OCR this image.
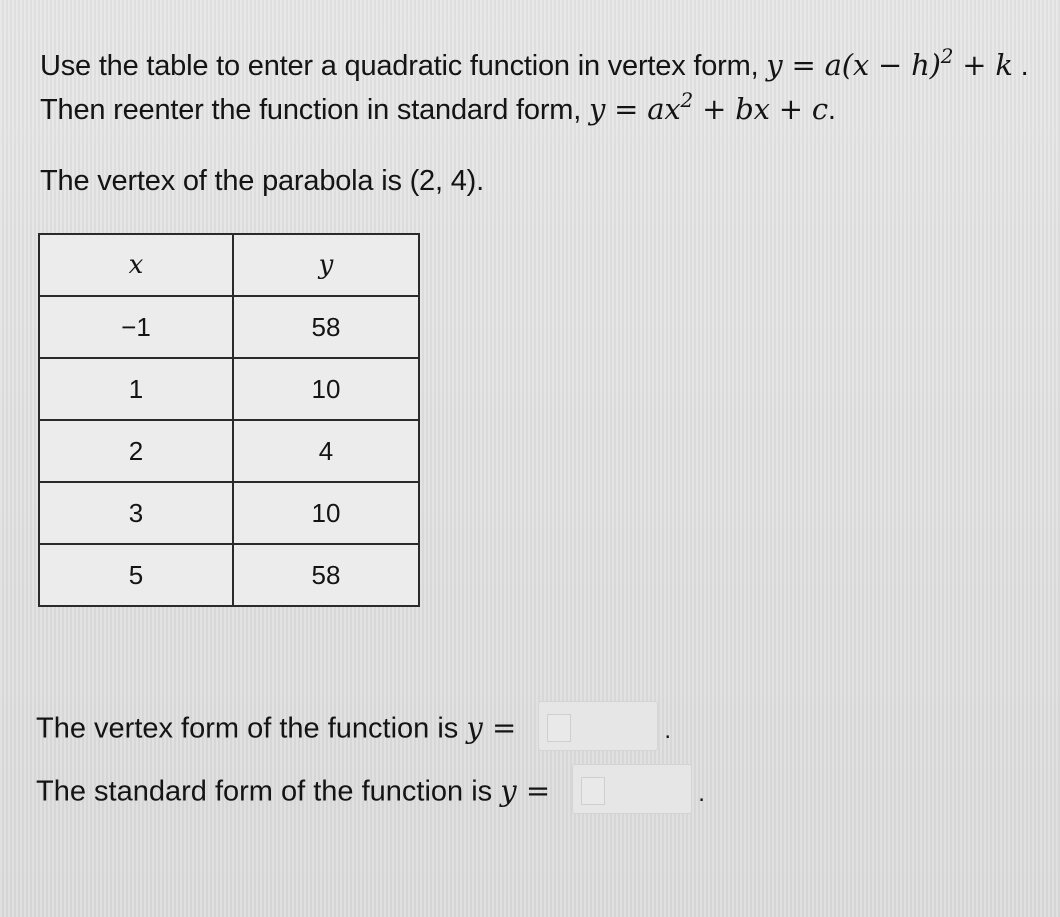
Use the table to enter a quadratic function in vertex form, $y = a(x - h)^2 + k$ .
Then reenter the function in standard form, $y = ax^2$ + bx + c.
The vertex of the parabola is (2, 4).
x	y
−1	58
1	10
2	4
3	10
5	58
The vertex form of the function is y =	.
The standard form of the function is y =	.
